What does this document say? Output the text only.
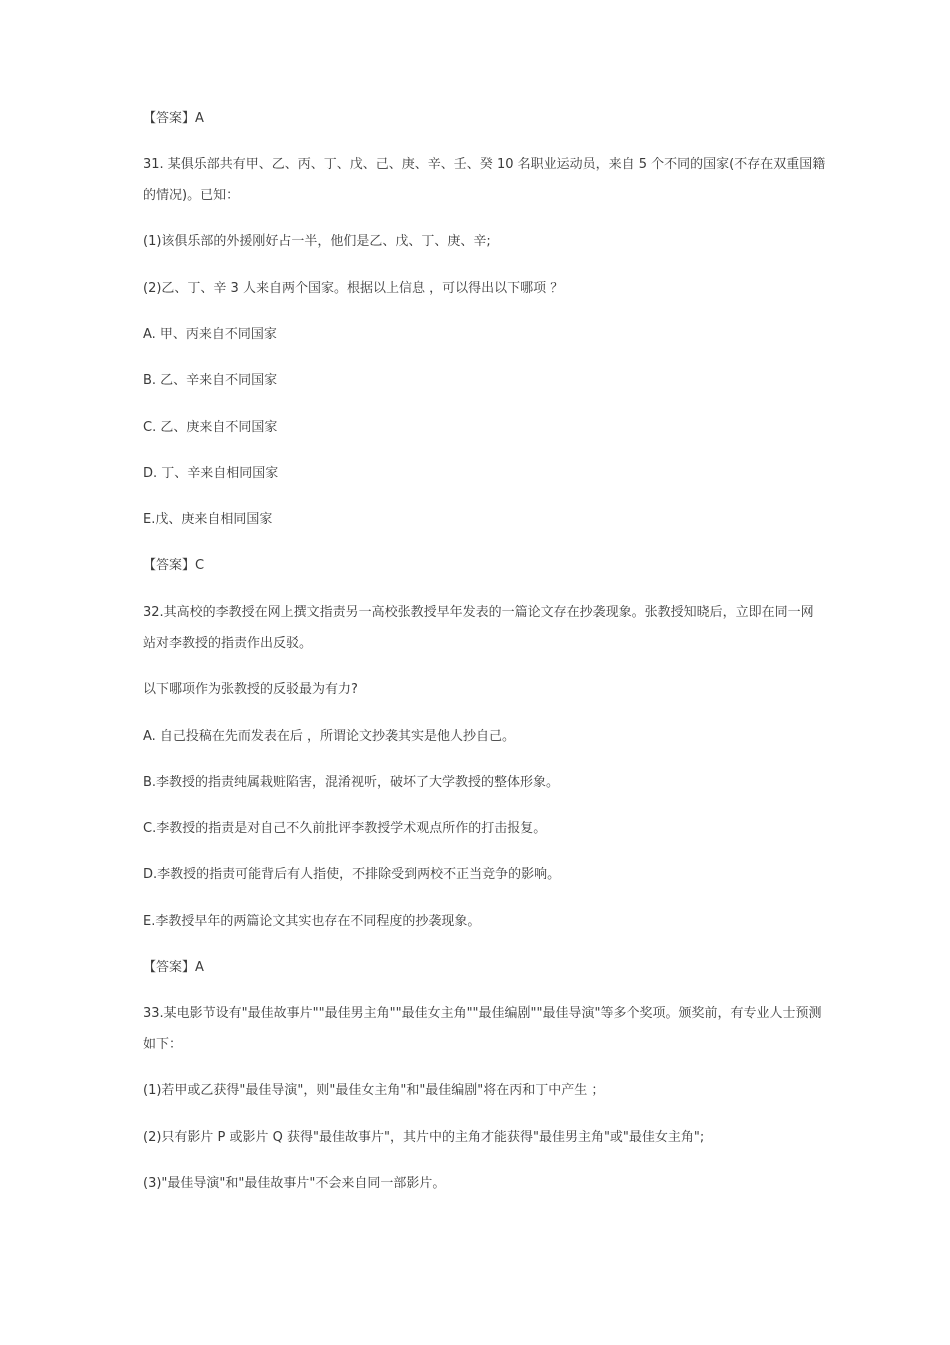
【答案】A
31. 某俱乐部共有甲、乙、丙、丁、戊、己、庚、辛、壬、癸 10 名职业运动员，来自 5 个不同的国家(不存在双重国籍
的情况)。已知：
(1)该俱乐部的外援刚好占一半，他们是乙、戊、丁、庚、辛;
(2)乙、丁、辛 3 人来自两个国家。根据以上信息 ，可以得出以下哪项 ？
A. 甲、丙来自不同国家
B. 乙、辛来自不同国家
C. 乙、庚来自不同国家
D. 丁、辛来自相同国家
E.戊、庚来自相同国家
【答案】C
32.其高校的李教授在网上撰文指责另一高校张教授早年发表的一篇论文存在抄袭现象。张教授知晓后，立即在同一网
站对李教授的指责作出反驳。
以下哪项作为张教授的反驳最为有力?
A. 自己投稿在先而发表在后 ，所谓论文抄袭其实是他人抄自己。
B.李教授的指责纯属栽赃陷害，混淆视听，破坏了大学教授的整体形象。
C.李教授的指责是对自己不久前批评李教授学术观点所作的打击报复。
D.李教授的指责可能背后有人指使，不排除受到两校不正当竞争的影响。
E.李教授早年的两篇论文其实也存在不同程度的抄袭现象。
【答案】A
33.某电影节设有"最佳故事片""最佳男主角""最佳女主角""最佳编剧""最佳导演"等多个奖项。颁奖前，有专业人士预测
如下：
(1)若甲或乙获得"最佳导演"，则"最佳女主角"和"最佳编剧"将在丙和丁中产生 ；
(2)只有影片 P 或影片 Q 获得"最佳故事片"，其片中的主角才能获得"最佳男主角"或"最佳女主角";
(3)"最佳导演"和"最佳故事片"不会来自同一部影片。
